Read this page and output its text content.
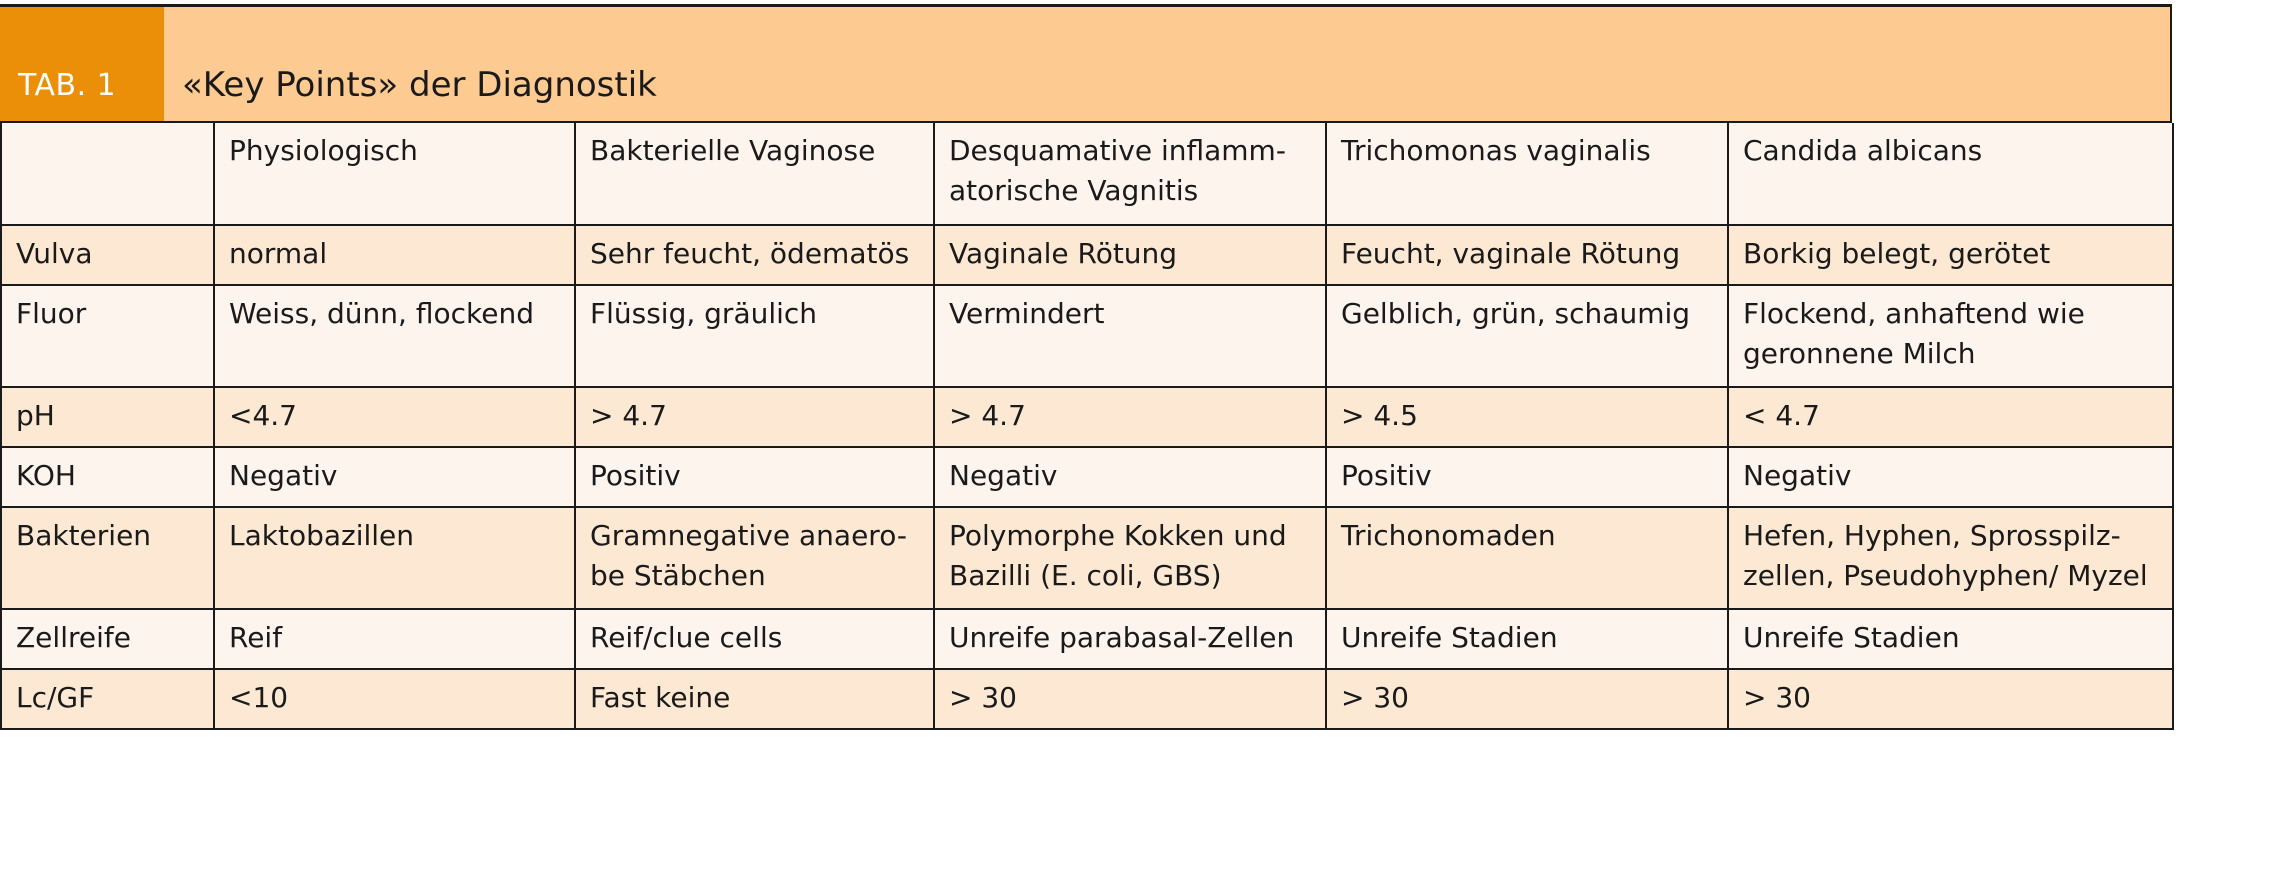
TAB. 1	«Key Points» der Diagnostik
	Physiologisch	Bakterielle Vaginose	Desquamative inflamm-
atorische Vagnitis	Trichomonas vaginalis	Candida albicans
Vulva	normal	Sehr feucht, ödematös	Vaginale Rötung	Feucht, vaginale Rötung	Borkig belegt, gerötet
Fluor	Weiss, dünn, flockend	Flüssig, gräulich	Vermindert	Gelblich, grün, schaumig	Flockend, anhaftend wie
geronnene Milch
pH	<4.7	> 4.7	> 4.7	> 4.5	< 4.7
KOH	Negativ	Positiv	Negativ	Positiv	Negativ
Bakterien	Laktobazillen	Gramnegative anaero-
be Stäbchen	Polymorphe Kokken und
Bazilli (E. coli, GBS)	Trichonomaden	Hefen, Hyphen, Sprosspilz-
zellen, Pseudohyphen/ Myzel
Zellreife	Reif	Reif/clue cells	Unreife parabasal-Zellen	Unreife Stadien	Unreife Stadien
Lc/GF	<10	Fast keine	> 30	> 30	> 30
